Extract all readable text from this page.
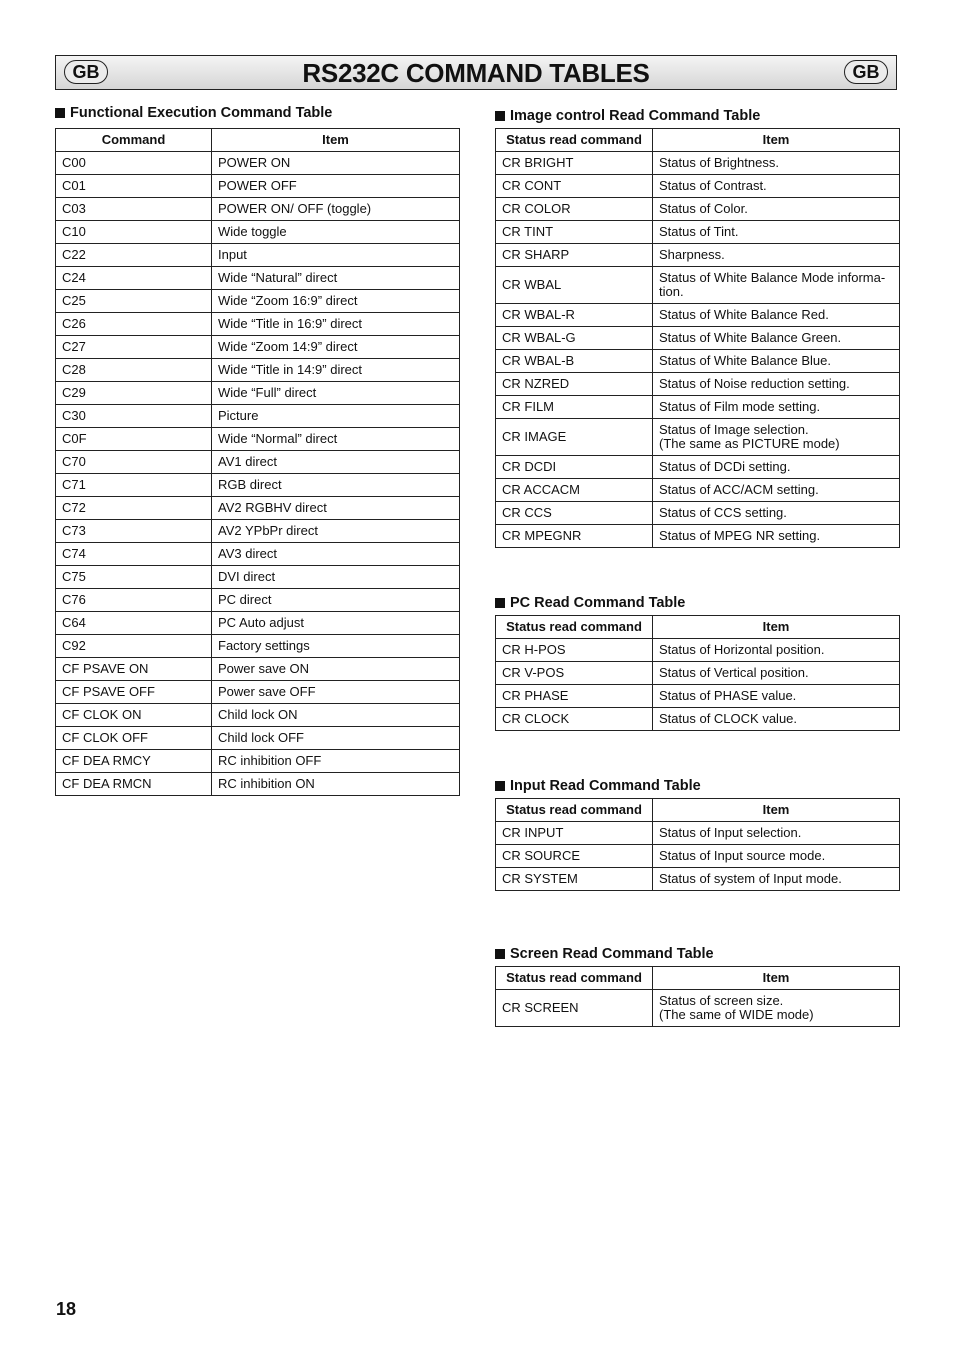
GB	RS232C COMMAND TABLES	GB
Functional Execution Command Table
Command	Item
C00	POWER ON
C01	POWER OFF
C03	POWER ON/ OFF (toggle)
C10	Wide toggle
C22	Input
C24	Wide “Natural” direct
C25	Wide “Zoom 16:9” direct
C26	Wide “Title in 16:9” direct
C27	Wide “Zoom 14:9” direct
C28	Wide “Title in 14:9” direct
C29	Wide “Full” direct
C30	Picture
C0F	Wide “Normal” direct
C70	AV1 direct
C71	RGB direct
C72	AV2 RGBHV direct
C73	AV2 YPbPr direct
C74	AV3 direct
C75	DVI direct
C76	PC direct
C64	PC Auto adjust
C92	Factory settings
CF PSAVE ON	Power save ON
CF PSAVE OFF	Power save OFF
CF CLOK ON	Child lock ON
CF CLOK OFF	Child lock OFF
CF DEA RMCY	RC inhibition OFF
CF DEA RMCN	RC inhibition ON
Image control Read Command Table
Status read command	Item
CR BRIGHT	Status of Brightness.
CR CONT	Status of Contrast.
CR COLOR	Status of Color.
CR TINT	Status of Tint.
CR SHARP	Sharpness.
CR WBAL	Status of White Balance Mode informa-
tion.
CR WBAL-R	Status of White Balance Red.
CR WBAL-G	Status of White Balance Green.
CR WBAL-B	Status of White Balance Blue.
CR NZRED	Status of Noise reduction setting.
CR FILM	Status of Film mode setting.
CR IMAGE	Status of Image selection.
(The same as PICTURE mode)
CR DCDI	Status of DCDi setting.
CR ACCACM	Status of ACC/ACM setting.
CR CCS	Status of CCS setting.
CR MPEGNR	Status of MPEG NR setting.
PC Read Command Table
Status read command	Item
CR H-POS	Status of Horizontal position.
CR V-POS	Status of Vertical position.
CR PHASE	Status of PHASE value.
CR CLOCK	Status of CLOCK value.
Input Read Command Table
Status read command	Item
CR INPUT	Status of Input selection.
CR SOURCE	Status of Input source mode.
CR SYSTEM	Status of system of Input mode.
Screen Read Command Table
Status read command	Item
CR SCREEN	Status of screen size.
(The same of WIDE mode)
18
